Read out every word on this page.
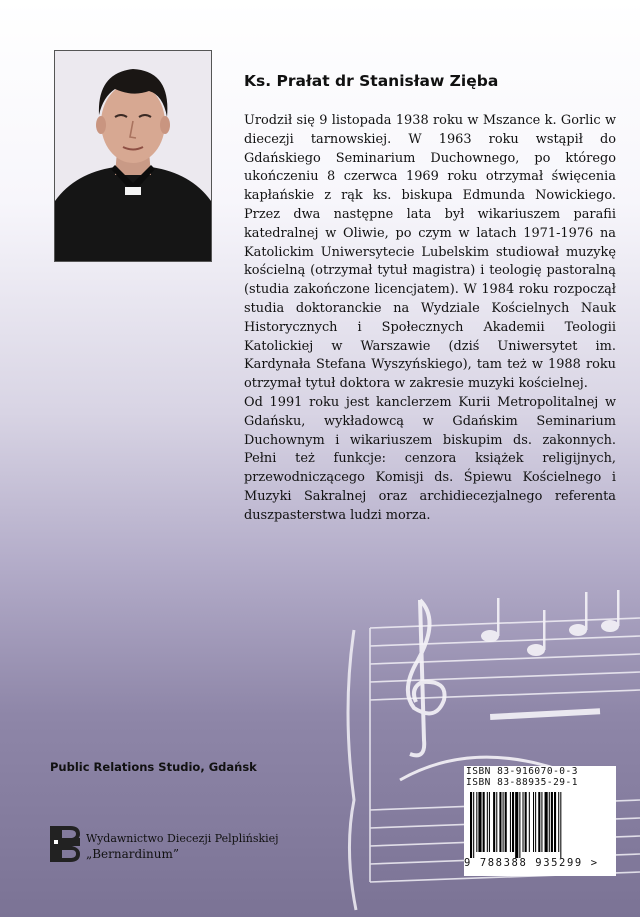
Ks. Prałat dr Stanisław Zięba

Urodził się 9 listopada 1938 roku w Mszance k. Gorlic w diecezji tarnowskiej. W 1963 roku wstąpił do Gdańskiego Seminarium Duchownego, po którego ukończeniu 8 czerwca 1969 roku otrzymał święcenia kapłańskie z rąk ks. biskupa Edmunda Nowickiego. Przez dwa następne lata był wikariuszem parafii katedralnej w Oliwie, po czym w latach 1971-1976 na Katolickim Uniwersytecie Lubelskim studiował muzykę kościelną (otrzymał tytuł magistra) i teologię pastoralną (studia zakończone licencjatem). W 1984 roku rozpoczął studia doktoranckie na Wydziale Kościelnych Nauk Historycznych i Społecznych Akademii Teologii Katolickiej w Warszawie (dziś Uniwersytet im. Kardynała Stefana Wyszyńskiego), tam też w 1988 roku otrzymał tytuł doktora w zakresie muzyki kościelnej.

Od 1991 roku jest kanclerzem Kurii Metropolitalnej w Gdańsku, wykładowcą w Gdańskim Seminarium Duchownym i wikariuszem biskupim ds. zakonnych. Pełni też funkcje: cenzora książek religijnych, przewodniczącego Komisji ds. Śpiewu Kościelnego i Muzyki Sakralnej oraz archidiecezjalnego referenta duszpasterstwa ludzi morza.

Public Relations Studio, Gdańsk
Wydawnictwo Diecezji Pelplińskiej
„Bernardinum”
ISBN 83-916070-0-3
ISBN 83-88935-29-1
9 788388 935299 >
